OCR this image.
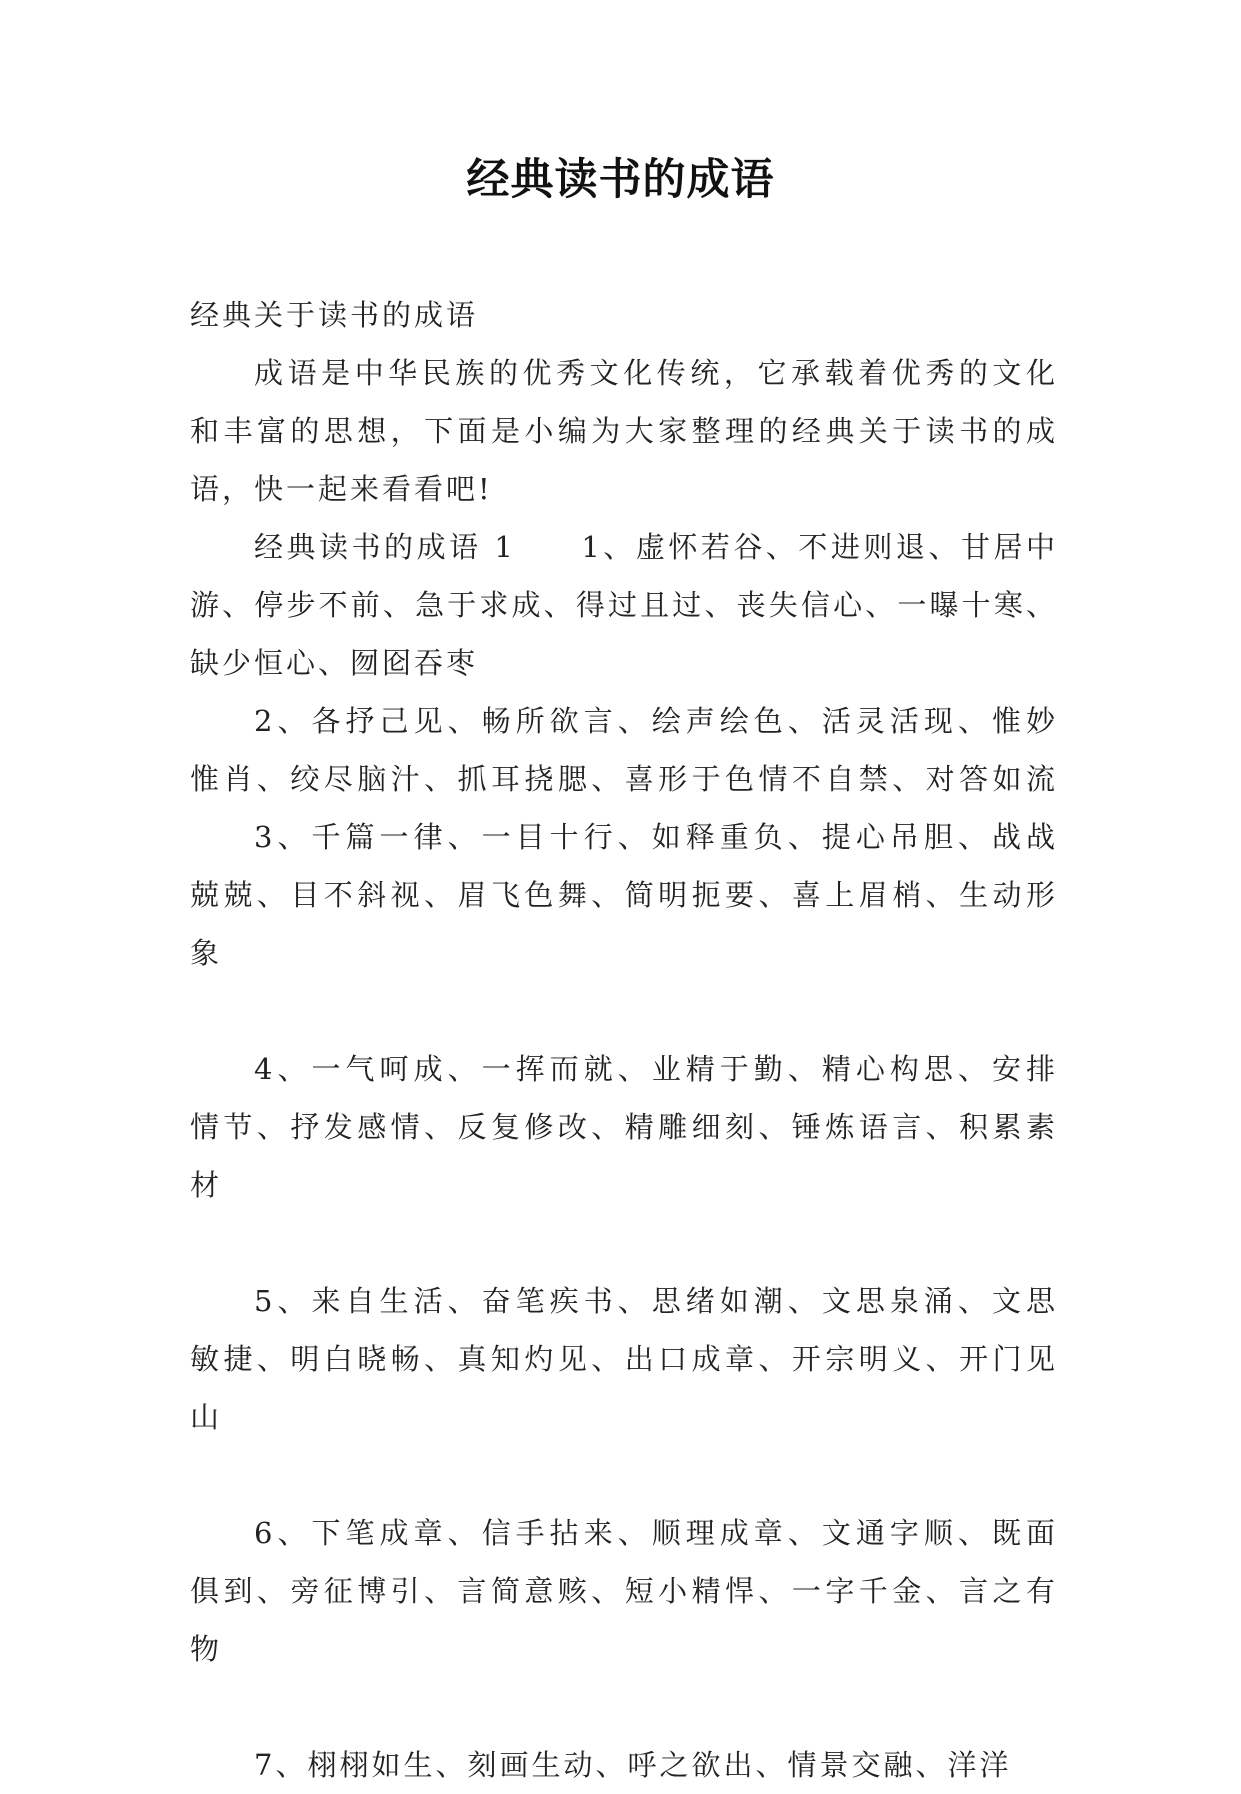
经典读书的成语
经典关于读书的成语
成语是中华民族的优秀文化传统，它承载着优秀的文化
和丰富的思想，下面是小编为大家整理的经典关于读书的成
语，快一起来看看吧!
经典读书的成语 1　　1、虚怀若谷、不进则退、甘居中
游、停步不前、急于求成、得过且过、丧失信心、一曝十寒、
缺少恒心、囫囵吞枣
2、各抒己见、畅所欲言、绘声绘色、活灵活现、惟妙
惟肖、绞尽脑汁、抓耳挠腮、喜形于色情不自禁、对答如流
3、千篇一律、一目十行、如释重负、提心吊胆、战战
兢兢、目不斜视、眉飞色舞、简明扼要、喜上眉梢、生动形
象
4、一气呵成、一挥而就、业精于勤、精心构思、安排
情节、抒发感情、反复修改、精雕细刻、锤炼语言、积累素
材
5、来自生活、奋笔疾书、思绪如潮、文思泉涌、文思
敏捷、明白晓畅、真知灼见、出口成章、开宗明义、开门见
山
6、下笔成章、信手拈来、顺理成章、文通字顺、既面
俱到、旁征博引、言简意赅、短小精悍、一字千金、言之有
物
7、栩栩如生、刻画生动、呼之欲出、情景交融、洋洋
